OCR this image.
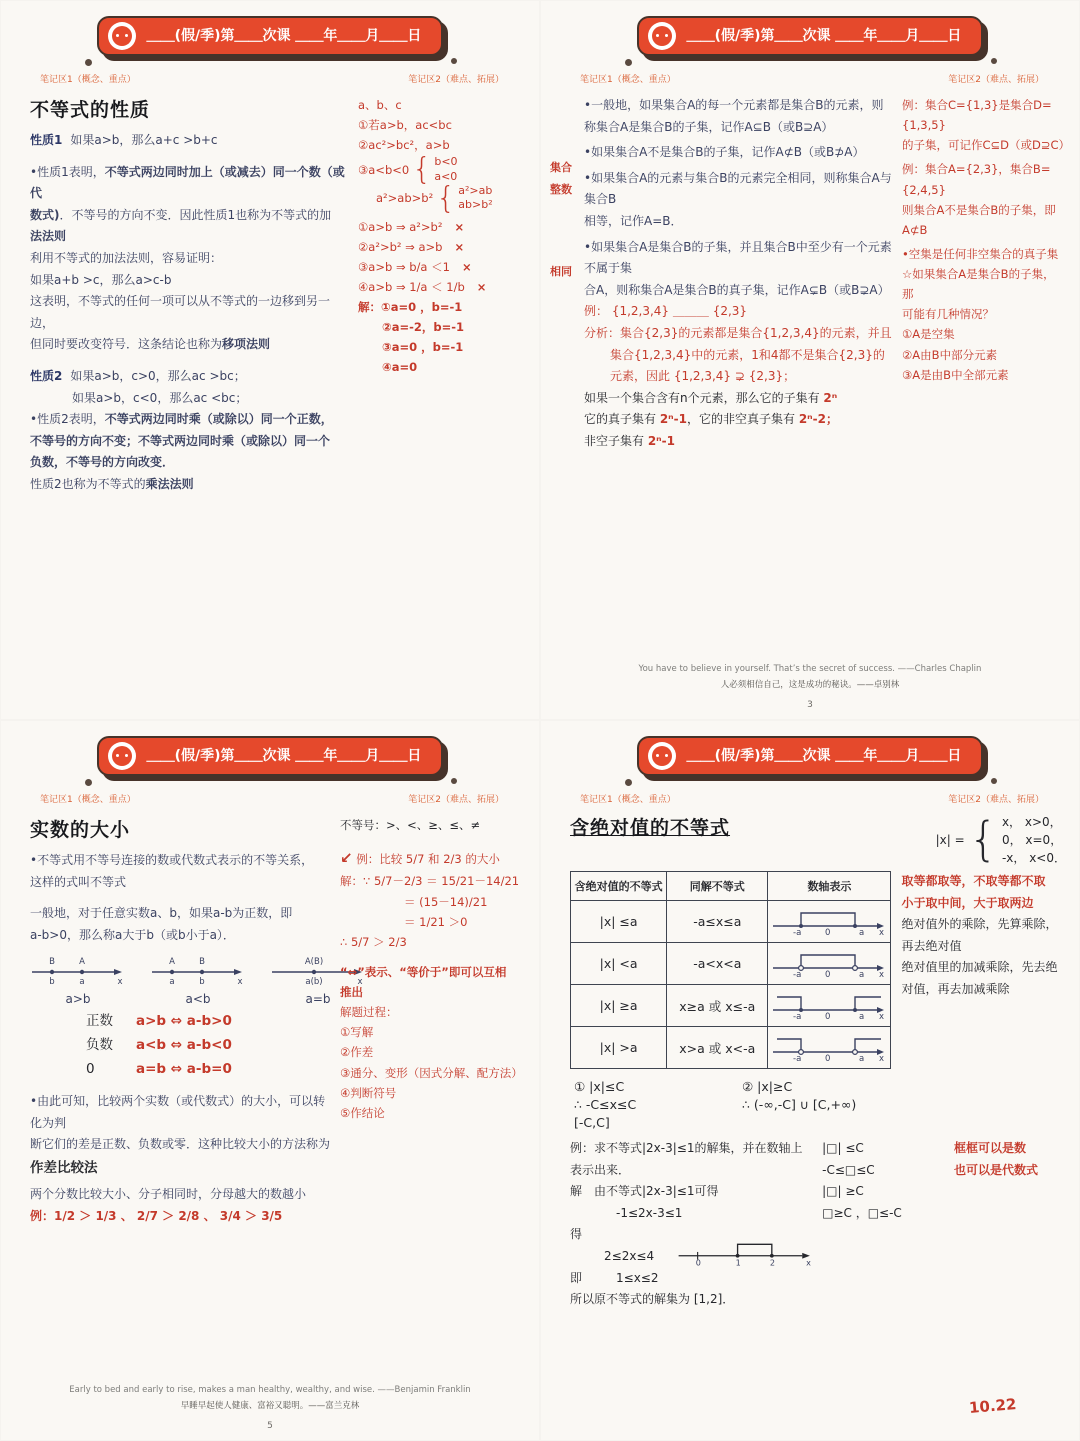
＿＿(假/季)第＿＿次课 ＿＿年＿＿月＿＿日
笔记区1（概念、重点）	笔记区2（难点、拓展）
不等式的性质
性质1 如果a>b，那么a+c >b+c
•性质1表明，不等式两边同时加上（或减去）同一个数（或代
数式)．不等号的方向不变．因此性质1也称为不等式的加
法法则
利用不等式的加法法则，容易证明：
如果a+b >c，那么a>c-b
这表明，不等式的任何一项可以从不等式的一边移到另一边，
但同时要改变符号．这条结论也称为移项法则
性质2 如果a>b，c>0，那么ac >bc；
如果a>b，c<0，那么ac <bc；
•性质2表明，不等式两边同时乘（或除以）同一个正数，
不等号的方向不变；不等式两边同时乘（或除以）同一个
负数，不等号的方向改变．
性质2也称为不等式的乘法法则
a、b、c
①若a>b，ac<bc
②ac²>bc²，a>b
③a<b<0 { b<0
a<0
a²>ab>b² { a²>ab
ab>b²
①a>b ⇒ a²>b² ×
②a²>b² ⇒ a>b ×
③a>b ⇒ b/a ＜1 ×
④a>b ⇒ 1/a ＜ 1/b ×
解：①a=0 ，b=-1
②a=-2，b=-1
③a=0 ，b=-1
④a=0
＿＿(假/季)第＿＿次课 ＿＿年＿＿月＿＿日
笔记区1（概念、重点）	笔记区2（难点、拓展）
集合
整数
相同
•一般地，如果集合A的每一个元素都是集合B的元素，则
称集合A是集合B的子集，记作A⊆B（或B⊇A）
•如果集合A不是集合B的子集，记作A⊄B（或B⊅A）
•如果集合A的元素与集合B的元素完全相同，则称集合A与集合B
相等，记作A=B．
•如果集合A是集合B的子集，并且集合B中至少有一个元素不属于集
合A，则称集合A是集合B的真子集，记作A⊊B（或B⊋A）
例： {1,2,3,4} ＿＿＿ {2,3}
分析：集合{2,3}的元素都是集合{1,2,3,4}的元素，并且
集合{1,2,3,4}中的元素，1和4都不是集合{2,3}的
元素，因此 {1,2,3,4} ⊋ {2,3}；
如果一个集合含有n个元素，那么它的子集有 2ⁿ
它的真子集有 2ⁿ-1，它的非空真子集有 2ⁿ-2；
非空子集有 2ⁿ-1
例：集合C={1,3}是集合D={1,3,5}
的子集，可记作C⊆D（或D⊇C）
例：集合A={2,3}，集合B={2,4,5}
则集合A不是集合B的子集，即
A⊄B
•空集是任何非空集合的真子集
☆如果集合A是集合B的子集，那
可能有几种情况？
①A是空集
②A由B中部分元素
③A是由B中全部元素
You have to believe in yourself. That’s the secret of success. ——Charles Chaplin
人必须相信自己，这是成功的秘诀。——卓别林
3
＿＿(假/季)第＿＿次课 ＿＿年＿＿月＿＿日
笔记区1（概念、重点）	笔记区2（难点、拓展）
实数的大小
•不等式用不等号连接的数或代数式表示的不等关系，
这样的式叫不等式
一般地，对于任意实数a、b，如果a-b为正数，即
a-b>0，那么称a大于b（或b小于a）．
B	A
b	a	x
a>b
A	B
a	b	x
a<b
A(B)
a(b)	x
a=b
正数	a>b ⇔ a-b>0
负数	a<b ⇔ a-b<0
0	a=b ⇔ a-b=0
•由此可知，比较两个实数（或代数式）的大小，可以转化为判
断它们的差是正数、负数或零．这种比较大小的方法称为
作差比较法
两个分数比较大小、分子相同时，分母越大的数越小
例：1/2 ＞ 1/3 、 2/7 ＞ 2/8 、 3/4 ＞ 3/5
不等号：>、<、≥、≤、≠
↙ 例：比较 5/7 和 2/3 的大小
解：∵ 5/7－2/3 ＝ 15/21－14/21
＝ (15－14)/21
＝ 1/21 ＞0
∴ 5/7 ＞ 2/3
“⇔”表示、“等价于”即可以互相
推出
解题过程：
①写解
②作差
③通分、变形（因式分解、配方法）
④判断符号
⑤作结论
Early to bed and early to rise, makes a man healthy, wealthy, and wise. ——Benjamin Franklin
早睡早起使人健康、富裕又聪明。——富兰克林
5
＿＿(假/季)第＿＿次课 ＿＿年＿＿月＿＿日
笔记区1（概念、重点）	笔记区2（难点、拓展）
含绝对值的不等式
|x| = { x， x>0，
0， x=0，
-x， x<0．
含绝对值的不等式	同解不等式	数轴表示
|x| ≤a	-a≤x≤a	-a 0 a x

|x| <a	-a<x<a	-a 0 a x

|x| ≥a	x≥a 或 x≤-a	-a 0 a x

|x| >a	x>a 或 x<-a	-a 0 a x
取等都取等，不取等都不取
小于取中间，大于取两边
绝对值外的乘除，先算乘除，
再去绝对值
绝对值里的加减乘除，先去绝
对值，再去加减乘除
① |x|≤C	② |x|≥C
∴ -C≤x≤C	∴ (-∞,-C] ∪ [C,+∞)
[-C,C]
例：求不等式|2x-3|≤1的解集，并在数轴上表示出来．
解　由不等式|2x-3|≤1可得
-1≤2x-3≤1
得2≤2x≤4	0	1	2	x
即	1≤x≤2
所以原不等式的解集为 [1,2]．
|□| ≤C
-C≤□≤C
|□| ≥C
□≥C ，□≤-C
框框可以是数
也可以是代数式
10.22
